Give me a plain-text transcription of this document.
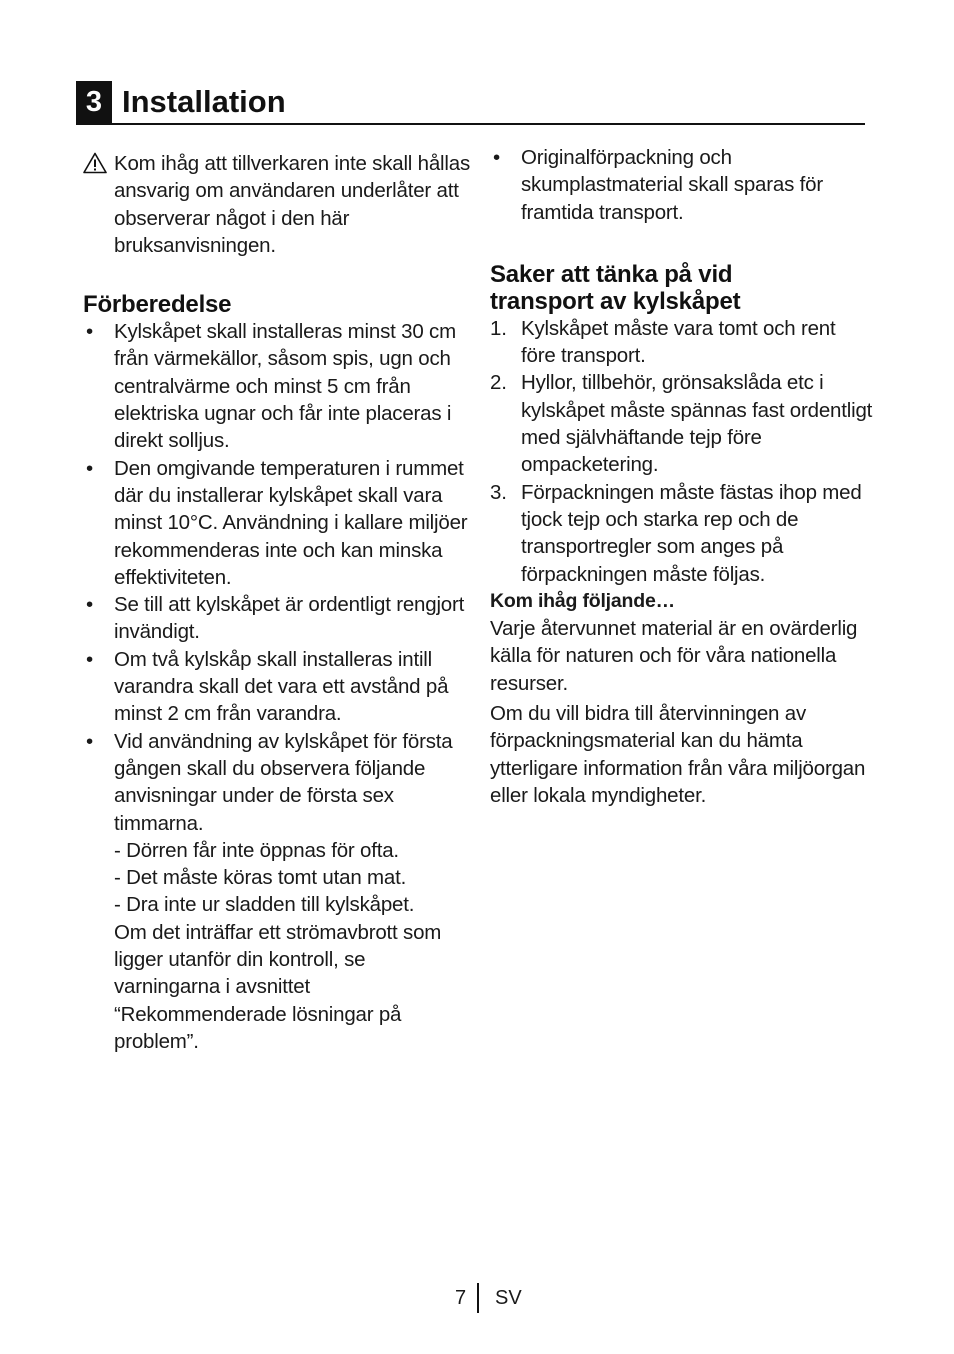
3 Installation
Kom ihåg att tillverkaren inte skall hållas ansvarig om användaren underlåter att observerar något i den här bruksanvisningen.
Förberedelse
• Kylskåpet skall installeras minst 30 cm från värmekällor, såsom spis, ugn och centralvärme och minst 5 cm från elektriska ugnar och får inte placeras i direkt solljus.
• Den omgivande temperaturen i rummet där du installerar kylskåpet skall vara minst 10°C. Användning i kallare miljöer rekommenderas inte och kan minska effektiviteten.
• Se till att kylskåpet är ordentligt rengjort invändigt.
• Om två kylskåp skall installeras intill varandra skall det vara ett avstånd på minst 2 cm från varandra.
• Vid användning av kylskåpet för första gången skall du observera följande anvisningar under de första sex timmarna.
- Dörren får inte öppnas för ofta.
- Det måste köras tomt utan mat.
- Dra inte ur sladden till kylskåpet.
Om det inträffar ett strömavbrott som ligger utanför din kontroll, se varningarna i avsnittet “Rekommenderade lösningar på problem”.
• Originalförpackning och skumplastmaterial skall sparas för framtida transport.
Saker att tänka på vid
transport av kylskåpet
1. Kylskåpet måste vara tomt och rent före transport.
2. Hyllor, tillbehör, grönsakslåda etc i kylskåpet måste spännas fast ordentligt med självhäftande tejp före ompacketering.
3. Förpackningen måste fästas ihop med tjock tejp och starka rep och de transportregler som anges på förpackningen måste följas.
Kom ihåg följande…

Varje återvunnet material är en ovärderlig källa för naturen och för våra nationella resurser.

Om du vill bidra till återvinningen av förpackningsmaterial kan du hämta ytterligare information från våra miljöorgan eller lokala myndigheter.

7 SV
